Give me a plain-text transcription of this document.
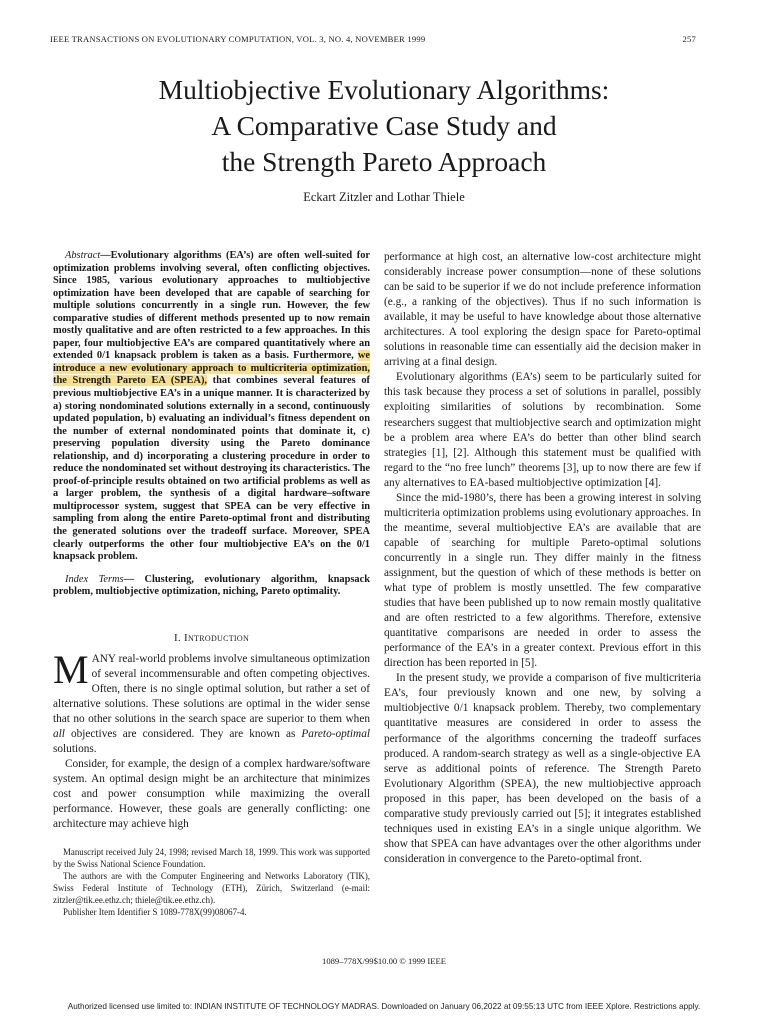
IEEE TRANSACTIONS ON EVOLUTIONARY COMPUTATION, VOL. 3, NO. 4, NOVEMBER 1999	257
Multiobjective Evolutionary Algorithms:
A Comparative Case Study and
the Strength Pareto Approach
Eckart Zitzler and Lothar Thiele

Abstract—Evolutionary algorithms (EA’s) are often well-suited for optimization problems involving several, often conflicting objectives. Since 1985, various evolutionary approaches to multiobjective optimization have been developed that are capable of searching for multiple solutions concurrently in a single run. However, the few comparative studies of different methods presented up to now remain mostly qualitative and are often restricted to a few approaches. In this paper, four multiobjective EA’s are compared quantitatively where an extended 0/1 knapsack problem is taken as a basis. Furthermore, we introduce a new evolutionary approach to multicriteria optimization, the Strength Pareto EA (SPEA), that combines several features of previous multiobjective EA’s in a unique manner. It is characterized by a) storing nondominated solutions externally in a second, continuously updated population, b) evaluating an individual’s fitness dependent on the number of external nondominated points that dominate it, c) preserving population diversity using the Pareto dominance relationship, and d) incorporating a clustering procedure in order to reduce the nondominated set without destroying its characteristics. The proof-of-principle results obtained on two artificial problems as well as a larger problem, the synthesis of a digital hardware–software multiprocessor system, suggest that SPEA can be very effective in sampling from along the entire Pareto-optimal front and distributing the generated solutions over the tradeoff surface. Moreover, SPEA clearly outperforms the other four multiobjective EA’s on the 0/1 knapsack problem.

Index Terms— Clustering, evolutionary algorithm, knapsack problem, multiobjective optimization, niching, Pareto optimality.

I. Introduction

MANY real-world problems involve simultaneous optimization of several incommensurable and often competing objectives. Often, there is no single optimal solution, but rather a set of alternative solutions. These solutions are optimal in the wider sense that no other solutions in the search space are superior to them when all objectives are considered. They are known as Pareto-optimal solutions.

Consider, for example, the design of a complex hardware/software system. An optimal design might be an architecture that minimizes cost and power consumption while maximizing the overall performance. However, these goals are generally conflicting: one architecture may achieve high

Manuscript received July 24, 1998; revised March 18, 1999. This work was supported by the Swiss National Science Foundation.

The authors are with the Computer Engineering and Networks Laboratory (TIK), Swiss Federal Institute of Technology (ETH), Zürich, Switzerland (e-mail: zitzler@tik.ee.ethz.ch; thiele@tik.ee.ethz.ch).

Publisher Item Identifier S 1089-778X(99)08067-4.

performance at high cost, an alternative low-cost architecture might considerably increase power consumption—none of these solutions can be said to be superior if we do not include preference information (e.g., a ranking of the objectives). Thus if no such information is available, it may be useful to have knowledge about those alternative architectures. A tool exploring the design space for Pareto-optimal solutions in reasonable time can essentially aid the decision maker in arriving at a final design.

Evolutionary algorithms (EA’s) seem to be particularly suited for this task because they process a set of solutions in parallel, possibly exploiting similarities of solutions by recombination. Some researchers suggest that multiobjective search and optimization might be a problem area where EA’s do better than other blind search strategies [1], [2]. Although this statement must be qualified with regard to the “no free lunch” theorems [3], up to now there are few if any alternatives to EA-based multiobjective optimization [4].

Since the mid-1980’s, there has been a growing interest in solving multicriteria optimization problems using evolutionary approaches. In the meantime, several multiobjective EA’s are available that are capable of searching for multiple Pareto-optimal solutions concurrently in a single run. They differ mainly in the fitness assignment, but the question of which of these methods is better on what type of problem is mostly unsettled. The few comparative studies that have been published up to now remain mostly qualitative and are often restricted to a few algorithms. Therefore, extensive quantitative comparisons are needed in order to assess the performance of the EA’s in a greater context. Previous effort in this direction has been reported in [5].

In the present study, we provide a comparison of five multicriteria EA’s, four previously known and one new, by solving a multiobjective 0/1 knapsack problem. Thereby, two complementary quantitative measures are considered in order to assess the performance of the algorithms concerning the tradeoff surfaces produced. A random-search strategy as well as a single-objective EA serve as additional points of reference. The Strength Pareto Evolutionary Algorithm (SPEA), the new multiobjective approach proposed in this paper, has been developed on the basis of a comparative study previously carried out [5]; it integrates established techniques used in existing EA’s in a single unique algorithm. We show that SPEA can have advantages over the other algorithms under consideration in convergence to the Pareto-optimal front.

1089–778X/99$10.00 © 1999 IEEE
Authorized licensed use limited to: INDIAN INSTITUTE OF TECHNOLOGY MADRAS. Downloaded on January 06,2022 at 09:55:13 UTC from IEEE Xplore. Restrictions apply.
